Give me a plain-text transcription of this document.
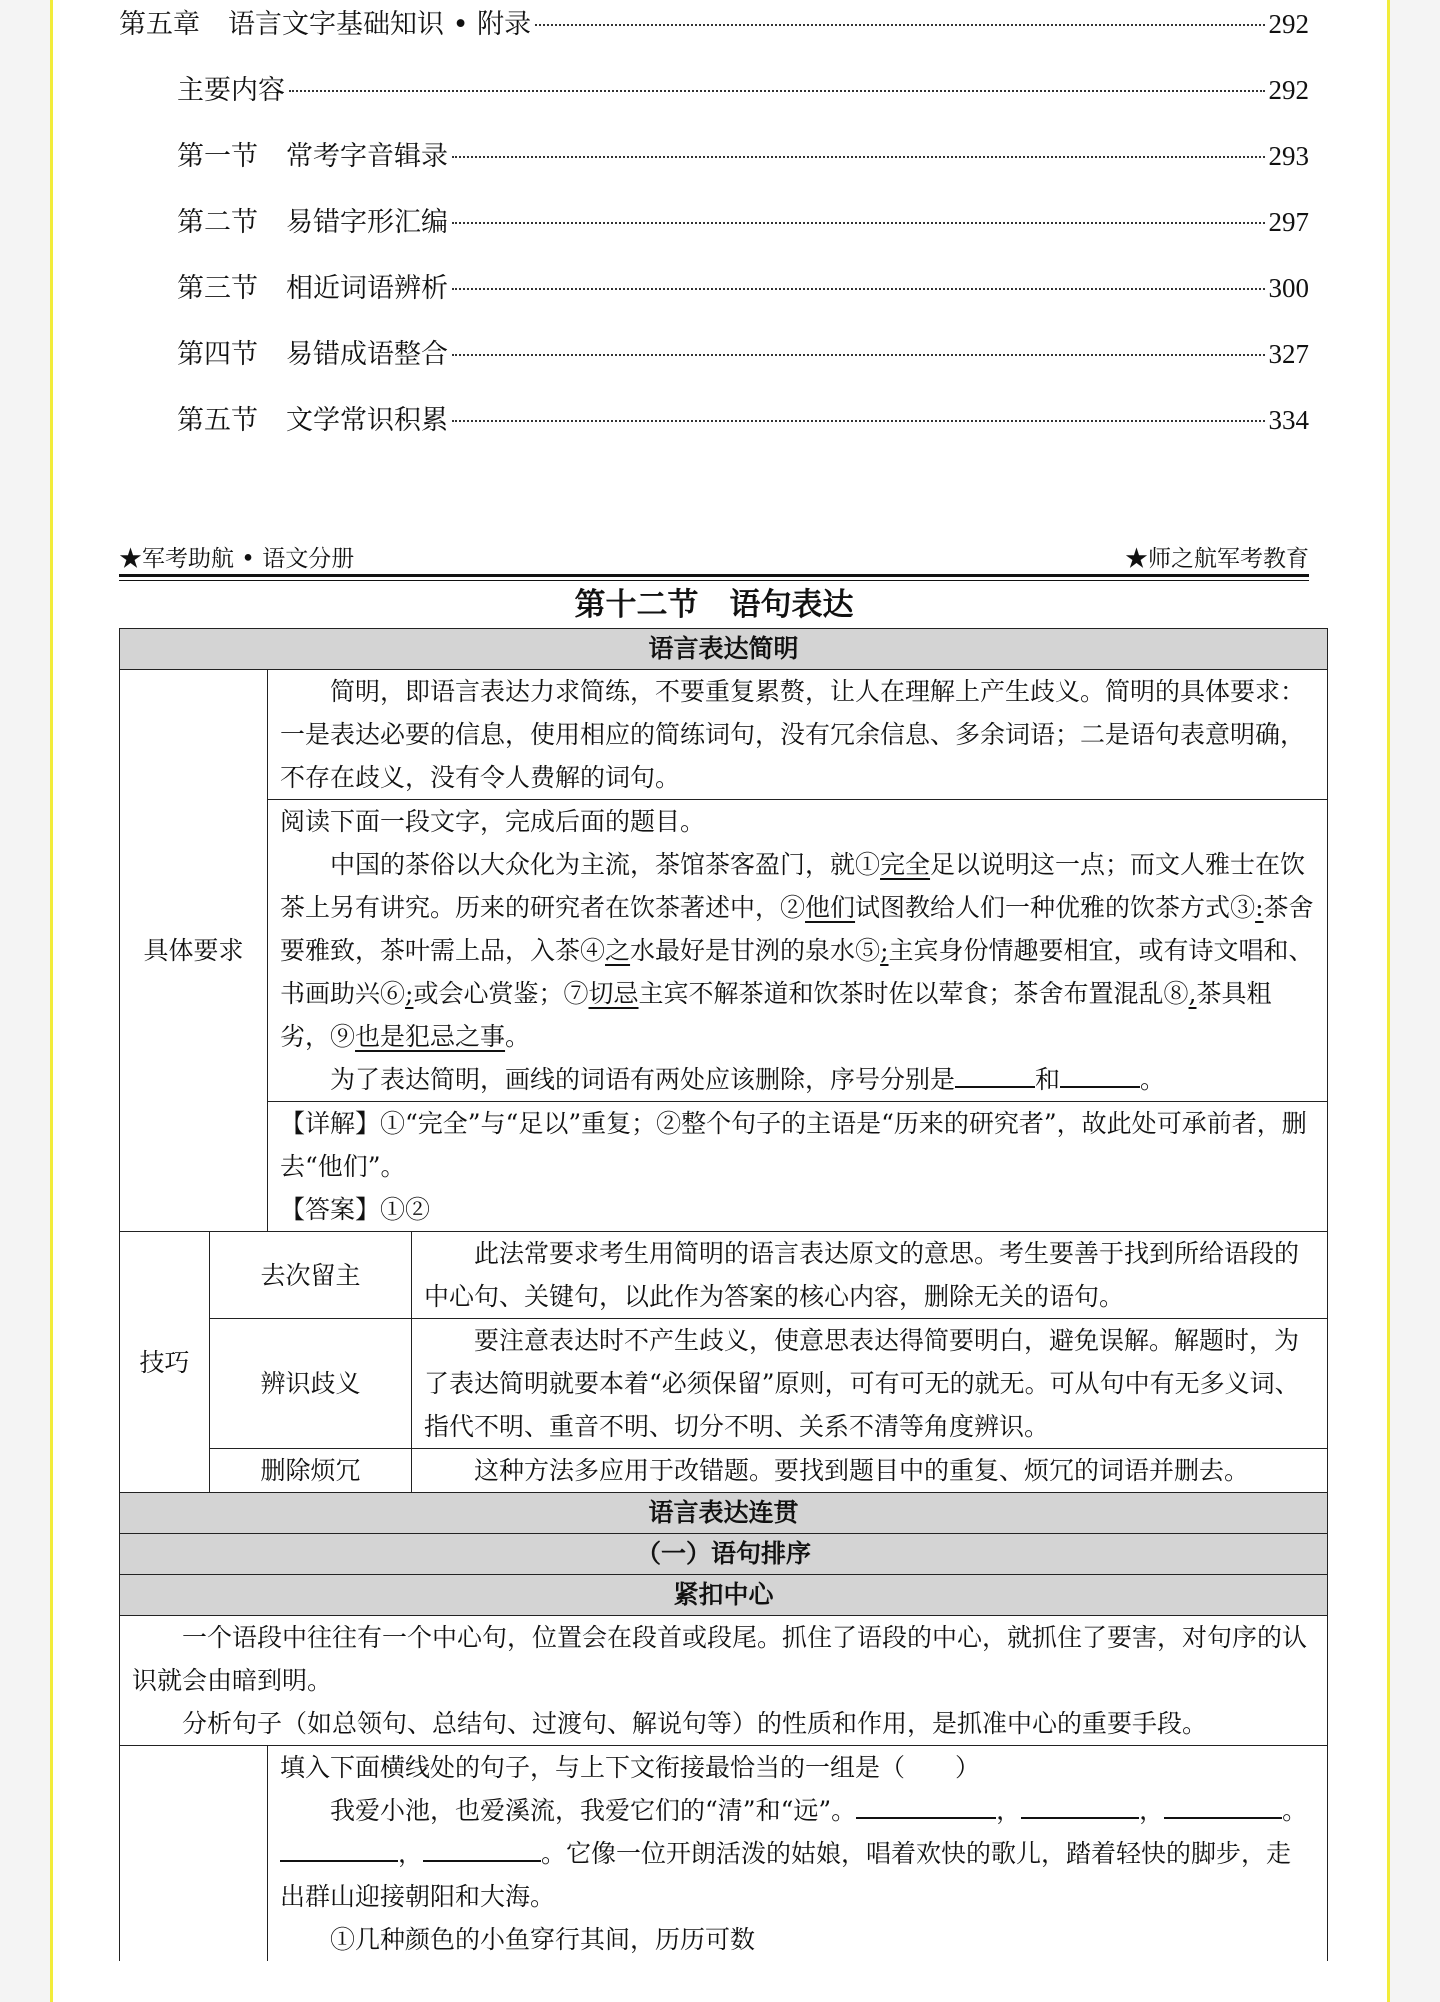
第五章 语言文字基础知识 • 附录	292
主要内容	292
第一节 常考字音辑录	293
第二节 易错字形汇编	297
第三节 相近词语辨析	300
第四节 易错成语整合	327
第五节 文学常识积累	334
★军考助航 • 语文分册	★师之航军考教育
第十二节　语句表达
语言表达简明			
具体要求		简明，即语言表达力求简练，不要重复累赘，让人在理解上产生歧义。简明的具体要求：一是表达必要的信息，使用相应的简练词句，没有冗余信息、多余词语；二是语句表意明确，不存在歧义，没有令人费解的词句。	

		阅读下面一段文字，完成后面的题目。

中国的茶俗以大众化为主流，茶馆茶客盈门，就①完全足以说明这一点；而文人雅士在饮茶上另有讲究。历来的研究者在饮茶著述中，②他们试图教给人们一种优雅的饮茶方式③:茶舍要雅致，茶叶需上品，入茶④之水最好是甘洌的泉水⑤;主宾身份情趣要相宜，或有诗文唱和、书画助兴⑥;或会心赏鉴；⑦切忌主宾不解茶道和饮茶时佐以荤食；茶舍布置混乱⑧,茶具粗劣，⑨也是犯忌之事。

为了表达简明，画线的词语有两处应该删除，序号分别是 和 。	

		【详解】①“完全”与“足以”重复；②整个句子的主语是“历来的研究者”，故此处可承前者，删去“他们”。

【答案】①②	

技巧	去次留主		此法常要求考生用简明的语言表达原文的意思。考生要善于找到所给语段的中心句、关键句，以此作为答案的核心内容，删除无关的语句。

	辨识歧义		要注意表达时不产生歧义，使意思表达得简要明白，避免误解。解题时，为了表达简明就要本着“必须保留”原则，可有可无的就无。可从句中有无多义词、指代不明、重音不明、切分不明、关系不清等角度辨识。

	删除烦冗		这种方法多应用于改错题。要找到题目中的重复、烦冗的词语并删去。

语言表达连贯			
（一）语句排序			
紧扣中心			

一个语段中往往有一个中心句，位置会在段首或段尾。抓住了语段的中心，就抓住了要害，对句序的认识就会由暗到明。

分析句子（如总领句、总结句、过渡句、解说句等）的性质和作用，是抓准中心的重要手段。			

		填入下面横线处的句子，与上下文衔接最恰当的一组是（　　）

我爱小池，也爱溪流，我爱它们的“清”和“远”。 ， ， 。， 。它像一位开朗活泼的姑娘，唱着欢快的歌儿，踏着轻快的脚步，走出群山迎接朝阳和大海。

①几种颜色的小鱼穿行其间，历历可数	
